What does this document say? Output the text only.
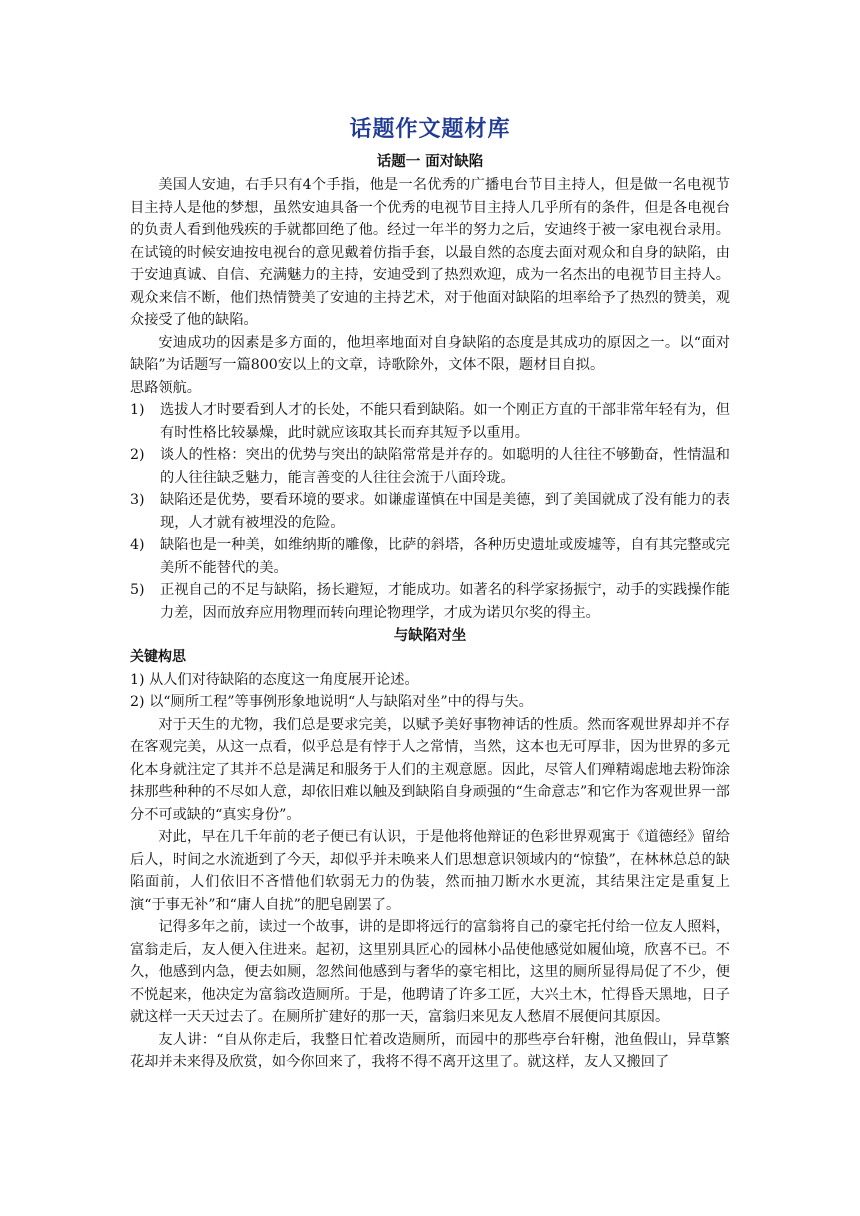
话题作文题材库
话题一 面对缺陷

美国人安迪，右手只有4个手指，他是一名优秀的广播电台节目主持人，但是做一名电视节目主持人是他的梦想，虽然安迪具备一个优秀的电视节目主持人几乎所有的条件，但是各电视台的负责人看到他残疾的手就都回绝了他。经过一年半的努力之后，安迪终于被一家电视台录用。在试镜的时候安迪按电视台的意见戴着仿指手套，以最自然的态度去面对观众和自身的缺陷，由于安迪真诚、自信、充满魅力的主持，安迪受到了热烈欢迎，成为一名杰出的电视节目主持人。观众来信不断，他们热情赞美了安迪的主持艺术，对于他面对缺陷的坦率给予了热烈的赞美，观众接受了他的缺陷。

安迪成功的因素是多方面的，他坦率地面对自身缺陷的态度是其成功的原因之一。以“面对缺陷”为话题写一篇800安以上的文章，诗歌除外，文体不限，题材目自拟。

思路领航。
1)	选拔人才时要看到人才的长处，不能只看到缺陷。如一个刚正方直的干部非常年轻有为，但有时性格比较暴燥，此时就应该取其长而弃其短予以重用。
2)	谈人的性格：突出的优势与突出的缺陷常常是并存的。如聪明的人往往不够勤奋，性情温和的人往往缺乏魅力，能言善变的人往往会流于八面玲珑。
3)	缺陷还是优势，要看环境的要求。如谦虚谨慎在中国是美德，到了美国就成了没有能力的表现，人才就有被埋没的危险。
4)	缺陷也是一种美，如维纳斯的雕像，比萨的斜塔，各种历史遗址或废墟等，自有其完整或完美所不能替代的美。
5)	正视自己的不足与缺陷，扬长避短，才能成功。如著名的科学家扬振宁，动手的实践操作能力差，因而放弃应用物理而转向理论物理学，才成为诺贝尔奖的得主。
与缺陷对坐
关键构思
1) 从人们对待缺陷的态度这一角度展开论述。
2) 以“厕所工程”等事例形象地说明“人与缺陷对坐”中的得与失。

对于天生的尤物，我们总是要求完美，以赋予美好事物神话的性质。然而客观世界却并不存在客观完美，从这一点看，似乎总是有悖于人之常情，当然，这本也无可厚非，因为世界的多元化本身就注定了其并不总是满足和服务于人们的主观意愿。因此，尽管人们殚精竭虑地去粉饰涂抹那些种种的不尽如人意，却依旧难以触及到缺陷自身顽强的“生命意志”和它作为客观世界一部分不可或缺的“真实身份”。

对此，早在几千年前的老子便已有认识，于是他将他辩证的色彩世界观寓于《道德经》留给后人，时间之水流逝到了今天，却似乎并未唤来人们思想意识领域内的“惊蛰”，在林林总总的缺陷面前，人们依旧不吝惜他们软弱无力的伪装，然而抽刀断水水更流，其结果注定是重复上演“于事无补”和“庸人自扰”的肥皂剧罢了。

记得多年之前，读过一个故事，讲的是即将远行的富翁将自己的豪宅托付给一位友人照料，富翁走后，友人便入住进来。起初，这里别具匠心的园林小品使他感觉如履仙境，欣喜不已。不久，他感到内急，便去如厕，忽然间他感到与奢华的豪宅相比，这里的厕所显得局促了不少，便不悦起来，他决定为富翁改造厕所。于是，他聘请了许多工匠，大兴土木，忙得昏天黑地，日子就这样一天天过去了。在厕所扩建好的那一天，富翁归来见友人愁眉不展便问其原因。

友人讲：“自从你走后，我整日忙着改造厕所，而园中的那些亭台轩榭，池鱼假山，异草繁花却并未来得及欣赏，如今你回来了，我将不得不离开这里了。就这样，友人又搬回了
